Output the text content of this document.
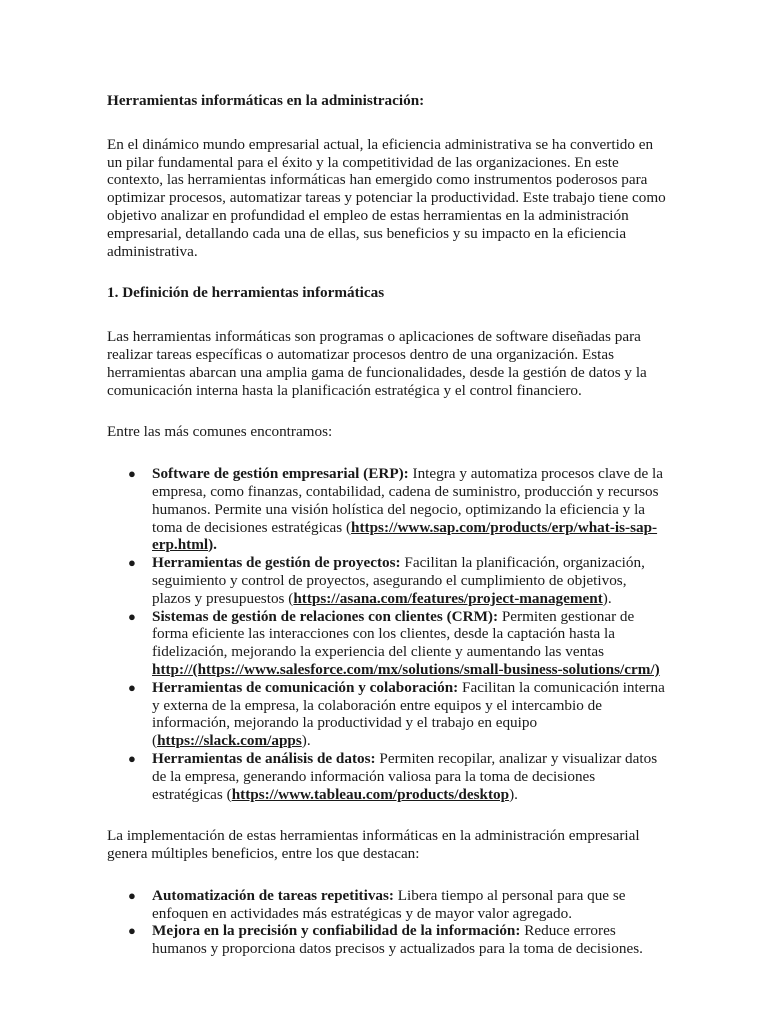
Herramientas informáticas en la administración:

En el dinámico mundo empresarial actual, la eficiencia administrativa se ha convertido en un pilar fundamental para el éxito y la competitividad de las organizaciones. En este contexto, las herramientas informáticas han emergido como instrumentos poderosos para optimizar procesos, automatizar tareas y potenciar la productividad. Este trabajo tiene como objetivo analizar en profundidad el empleo de estas herramientas en la administración empresarial, detallando cada una de ellas, sus beneficios y su impacto en la eficiencia administrativa.

1. Definición de herramientas informáticas

Las herramientas informáticas son programas o aplicaciones de software diseñadas para realizar tareas específicas o automatizar procesos dentro de una organización. Estas herramientas abarcan una amplia gama de funcionalidades, desde la gestión de datos y la comunicación interna hasta la planificación estratégica y el control financiero.

Entre las más comunes encontramos:

● Software de gestión empresarial (ERP): Integra y automatiza procesos clave de la empresa, como finanzas, contabilidad, cadena de suministro, producción y recursos humanos. Permite una visión holística del negocio, optimizando la eficiencia y la toma de decisiones estratégicas (https://www.sap.com/products/erp/what-is-sap-erp.html).
● Herramientas de gestión de proyectos: Facilitan la planificación, organización, seguimiento y control de proyectos, asegurando el cumplimiento de objetivos, plazos y presupuestos (https://asana.com/features/project-management).
● Sistemas de gestión de relaciones con clientes (CRM): Permiten gestionar de forma eficiente las interacciones con los clientes, desde la captación hasta la fidelización, mejorando la experiencia del cliente y aumentando las ventas http://(https://www.salesforce.com/mx/solutions/small-business-solutions/crm/)
● Herramientas de comunicación y colaboración: Facilitan la comunicación interna y externa de la empresa, la colaboración entre equipos y el intercambio de información, mejorando la productividad y el trabajo en equipo (https://slack.com/apps).
● Herramientas de análisis de datos: Permiten recopilar, analizar y visualizar datos de la empresa, generando información valiosa para la toma de decisiones estratégicas (https://www.tableau.com/products/desktop).

La implementación de estas herramientas informáticas en la administración empresarial genera múltiples beneficios, entre los que destacan:

● Automatización de tareas repetitivas: Libera tiempo al personal para que se enfoquen en actividades más estratégicas y de mayor valor agregado.
● Mejora en la precisión y confiabilidad de la información: Reduce errores humanos y proporciona datos precisos y actualizados para la toma de decisiones.
